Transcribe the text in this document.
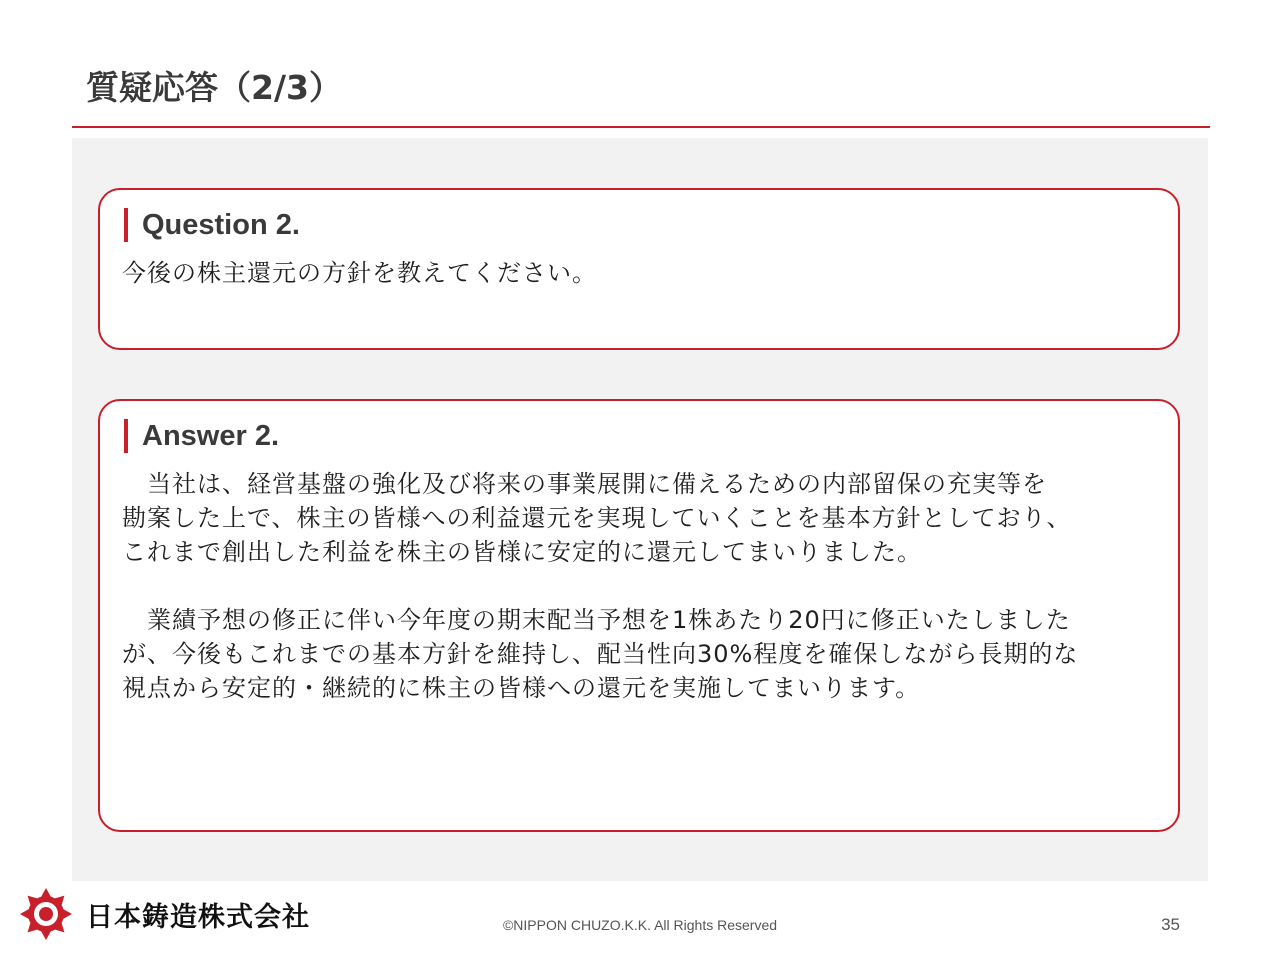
質疑応答（2/3）
Question 2.

今後の株主還元の方針を教えてください。

Answer 2.

　当社は、経営基盤の強化及び将来の事業展開に備えるための内部留保の充実等を
勘案した上で、株主の皆様への利益還元を実現していくことを基本方針としており、
これまで創出した利益を株主の皆様に安定的に還元してまいりました。

　業績予想の修正に伴い今年度の期末配当予想を1株あたり20円に修正いたしました
が、今後もこれまでの基本方針を維持し、配当性向30%程度を確保しながら長期的な
視点から安定的・継続的に株主の皆様への還元を実施してまいります。

日本鋳造株式会社	©NIPPON CHUZO.K.K. All Rights Reserved	35
